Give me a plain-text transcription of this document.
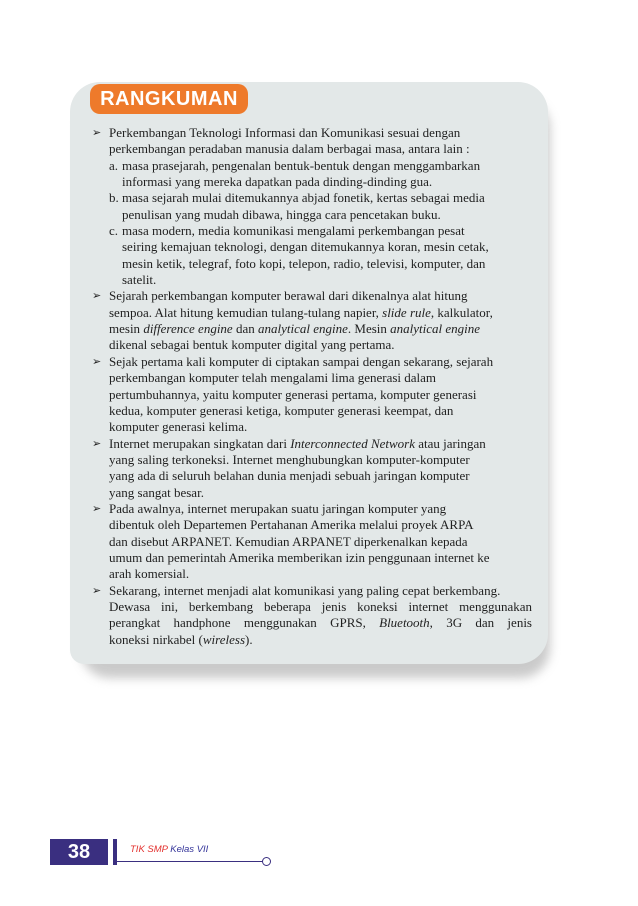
RANGKUMAN
➢ Perkembangan Teknologi Informasi dan Komunikasi sesuai dengan
perkembangan peradaban manusia dalam berbagai masa, antara lain :
a. masa prasejarah, pengenalan bentuk-bentuk dengan menggambarkan
informasi yang mereka dapatkan pada dinding-dinding gua.
b. masa sejarah mulai ditemukannya abjad fonetik, kertas sebagai media
penulisan yang mudah dibawa, hingga cara pencetakan buku.
c. masa modern, media komunikasi mengalami perkembangan pesat
seiring kemajuan teknologi, dengan ditemukannya koran, mesin cetak,
mesin ketik, telegraf, foto kopi, telepon, radio, televisi, komputer, dan
satelit.
➢ Sejarah perkembangan komputer berawal dari dikenalnya alat hitung
sempoa. Alat hitung kemudian tulang-tulang napier, slide rule, kalkulator,
mesin difference engine dan analytical engine. Mesin analytical engine
dikenal sebagai bentuk komputer digital yang pertama.
➢ Sejak pertama kali komputer di ciptakan sampai dengan sekarang, sejarah
perkembangan komputer telah mengalami lima generasi dalam
pertumbuhannya, yaitu komputer generasi pertama, komputer generasi
kedua, komputer generasi ketiga, komputer generasi keempat, dan
komputer generasi kelima.
➢ Internet merupakan singkatan dari Interconnected Network atau jaringan
yang saling terkoneksi. Internet menghubungkan komputer-komputer
yang ada di seluruh belahan dunia menjadi sebuah jaringan komputer
yang sangat besar.
➢ Pada awalnya, internet merupakan suatu jaringan komputer yang
dibentuk oleh Departemen Pertahanan Amerika melalui proyek ARPA
dan disebut ARPANET. Kemudian ARPANET diperkenalkan kepada
umum dan pemerintah Amerika memberikan izin penggunaan internet ke
arah komersial.
➢ Sekarang, internet menjadi alat komunikasi yang paling cepat berkembang.
Dewasa ini, berkembang beberapa jenis koneksi internet menggunakan
perangkat handphone menggunakan GPRS, Bluetooth, 3G dan jenis
koneksi nirkabel (wireless).
38	TIK SMP Kelas VII
